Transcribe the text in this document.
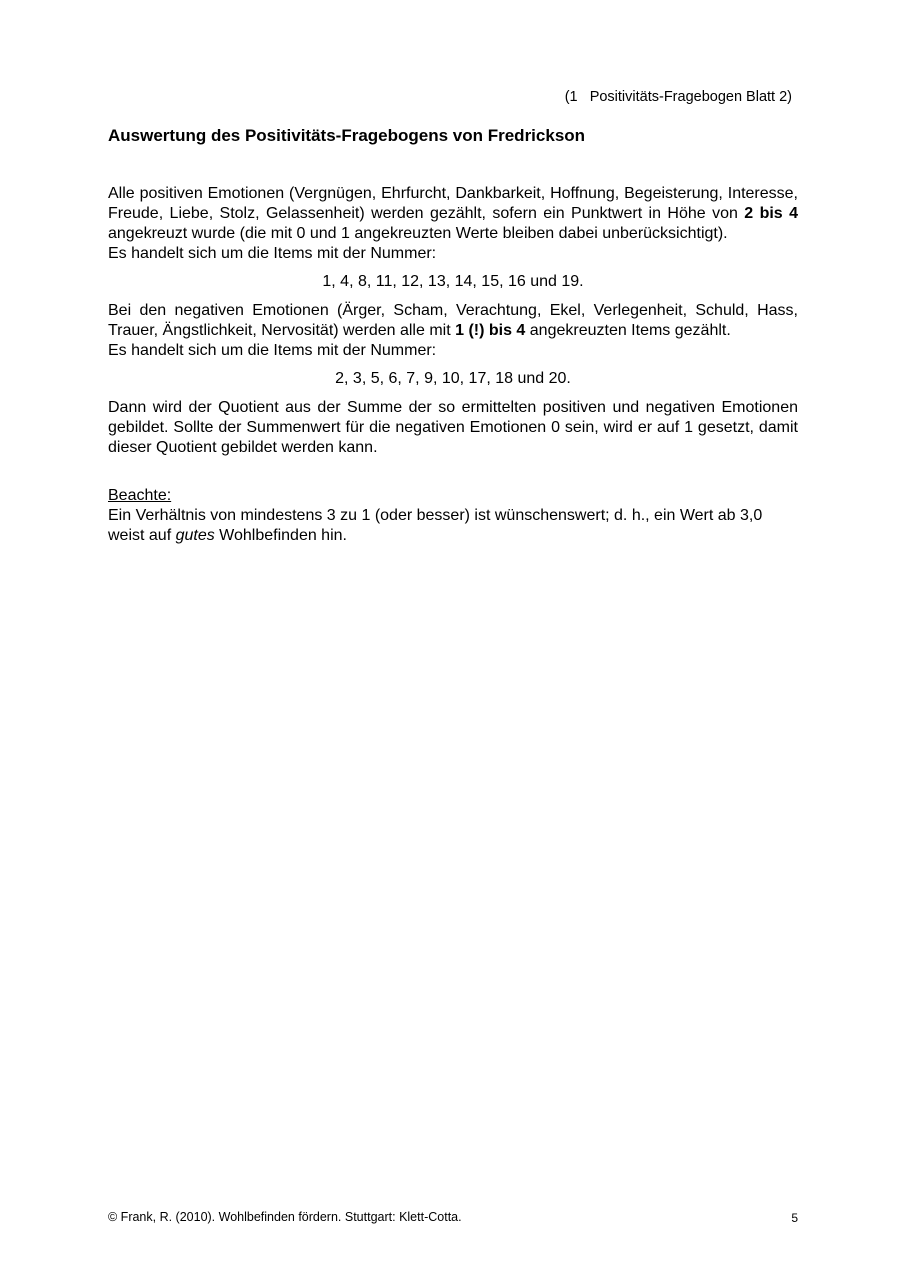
(1   Positivitäts-Fragebogen Blatt 2)
Auswertung des Positivitäts-Fragebogens von Fredrickson

Alle positiven Emotionen (Vergnügen, Ehrfurcht, Dankbarkeit, Hoffnung, Begeisterung, Interesse, Freude, Liebe, Stolz, Gelassenheit) werden gezählt, sofern ein Punktwert in Höhe von 2 bis 4 angekreuzt wurde (die mit 0 und 1 angekreuzten Werte bleiben dabei unberücksichtigt).

Es handelt sich um die Items mit der Nummer:

1, 4, 8, 11, 12, 13, 14, 15, 16 und 19.

Bei den negativen Emotionen (Ärger, Scham, Verachtung, Ekel, Verlegenheit, Schuld, Hass, Trauer, Ängstlichkeit, Nervosität) werden alle mit 1 (!) bis 4 angekreuzten Items gezählt.

Es handelt sich um die Items mit der Nummer:

2, 3, 5, 6, 7, 9, 10, 17, 18 und 20.

Dann wird der Quotient aus der Summe der so ermittelten positiven und negativen Emotionen gebildet. Sollte der Summenwert für die negativen Emotionen 0 sein, wird er auf 1 gesetzt, damit dieser Quotient gebildet werden kann.

Beachte:

Ein Verhältnis von mindestens 3 zu 1 (oder besser) ist wünschenswert; d. h., ein Wert ab 3,0 weist auf gutes Wohlbefinden hin.

© Frank, R. (2010). Wohlbefinden fördern. Stuttgart: Klett-Cotta.	5
